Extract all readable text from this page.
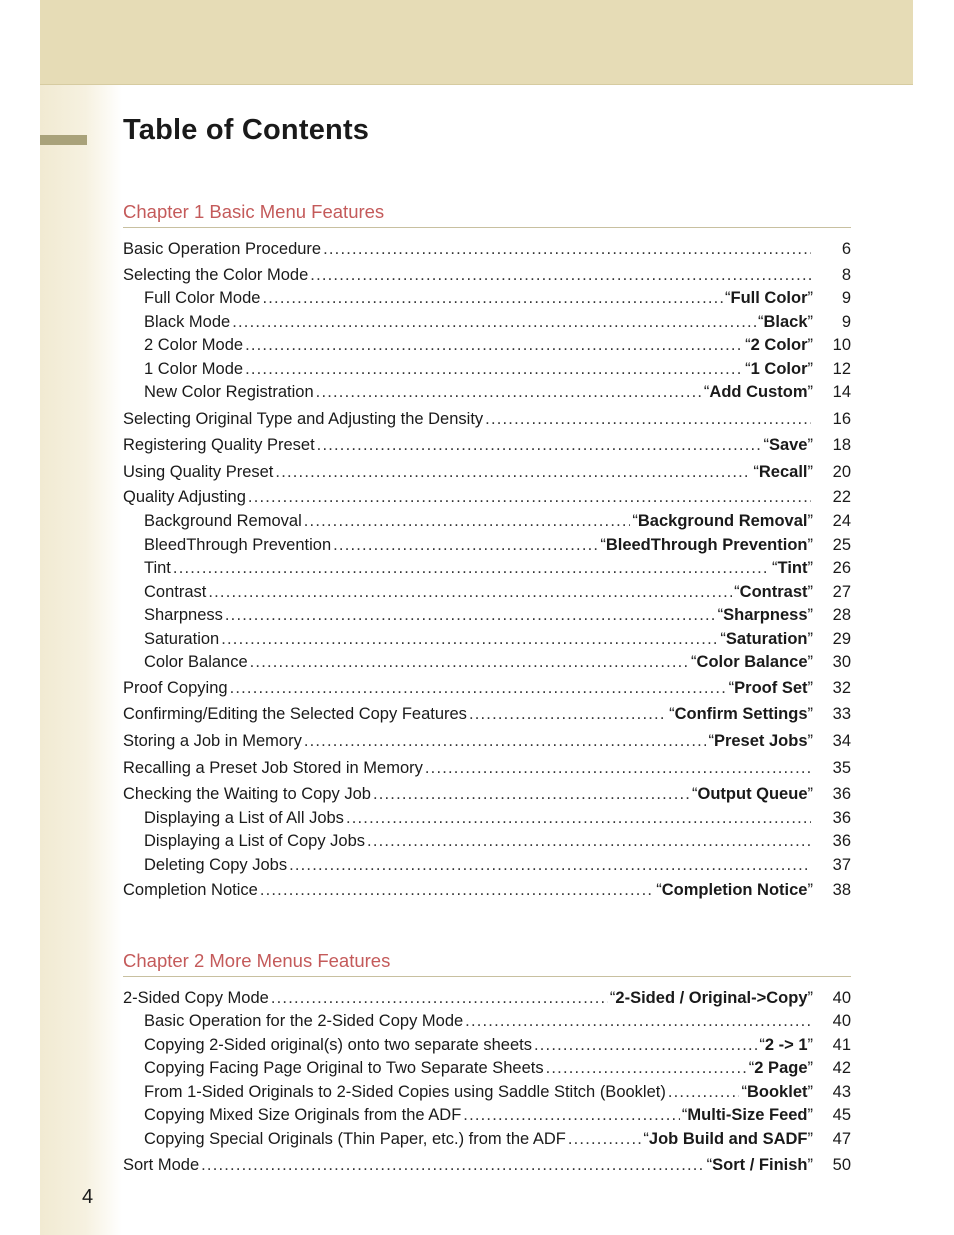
Table of Contents
Chapter 1 Basic Menu Features
Basic Operation Procedure .....	6
Selecting the Color Mode .....	8
Full Color Mode .....	“Full Color”	9
Black Mode .....	“Black”	9
2 Color Mode .....	“2 Color”	10
1 Color Mode .....	“1 Color”	12
New Color Registration .....	“Add Custom”	14
Selecting Original Type and Adjusting the Density .....	16
Registering Quality Preset .....	“Save”	18
Using Quality Preset .....	“Recall”	20
Quality Adjusting .....	22
Background Removal .....	“Background Removal”	24
BleedThrough Prevention .....	“BleedThrough Prevention”	25
Tint .....	“Tint”	26
Contrast .....	“Contrast”	27
Sharpness .....	“Sharpness”	28
Saturation .....	“Saturation”	29
Color Balance .....	“Color Balance”	30
Proof Copying .....	“Proof Set”	32
Confirming/Editing the Selected Copy Features .....	“Confirm Settings”	33
Storing a Job in Memory .....	“Preset Jobs”	34
Recalling a Preset Job Stored in Memory .....	35
Checking the Waiting to Copy Job .....	“Output Queue”	36
Displaying a List of All Jobs .....	36
Displaying a List of Copy Jobs .....	36
Deleting Copy Jobs .....	37
Completion Notice .....	“Completion Notice”	38
Chapter 2 More Menus Features
2-Sided Copy Mode .....	“2-Sided / Original->Copy”	40
Basic Operation for the 2-Sided Copy Mode .....	40
Copying 2-Sided original(s) onto two separate sheets .....	“2 -> 1”	41
Copying Facing Page Original to Two Separate Sheets .....	“2 Page”	42
From 1-Sided Originals to 2-Sided Copies using Saddle Stitch (Booklet) .....	“Booklet”	43
Copying Mixed Size Originals from the ADF .....	“Multi-Size Feed”	45
Copying Special Originals (Thin Paper, etc.) from the ADF .....	“Job Build and SADF”	47
Sort Mode .....	“Sort / Finish”	50
4
